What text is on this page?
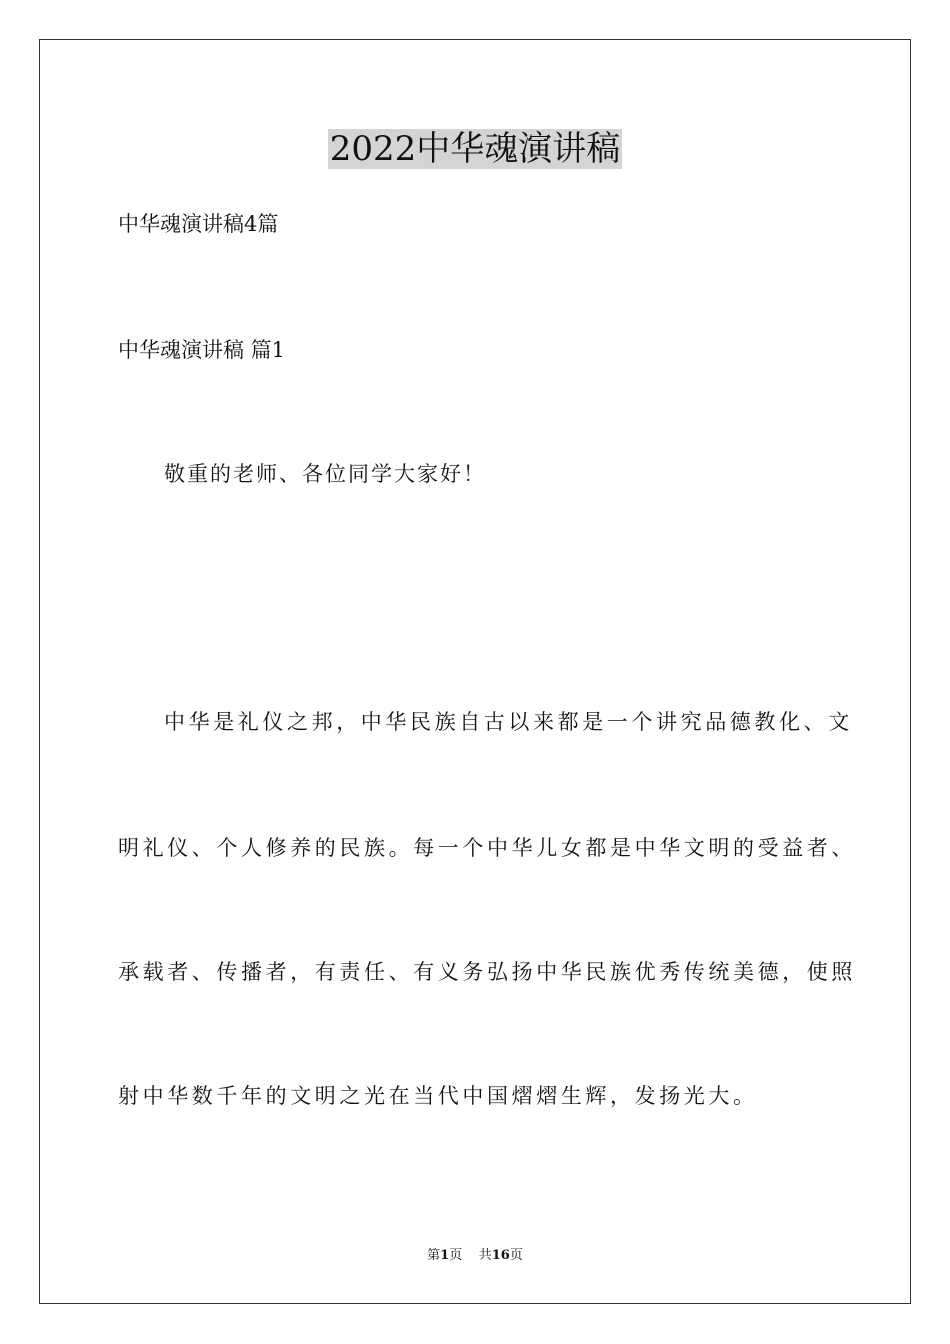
2022中华魂演讲稿
中华魂演讲稿4篇
中华魂演讲稿 篇1
敬重的老师、各位同学大家好！
中华是礼仪之邦，中华民族自古以来都是一个讲究品德教化、文
明礼仪、个人修养的民族。每一个中华儿女都是中华文明的受益者、
承载者、传播者，有责任、有义务弘扬中华民族优秀传统美德，使照
射中华数千年的文明之光在当代中国熠熠生辉，发扬光大。
第1页 共16页
